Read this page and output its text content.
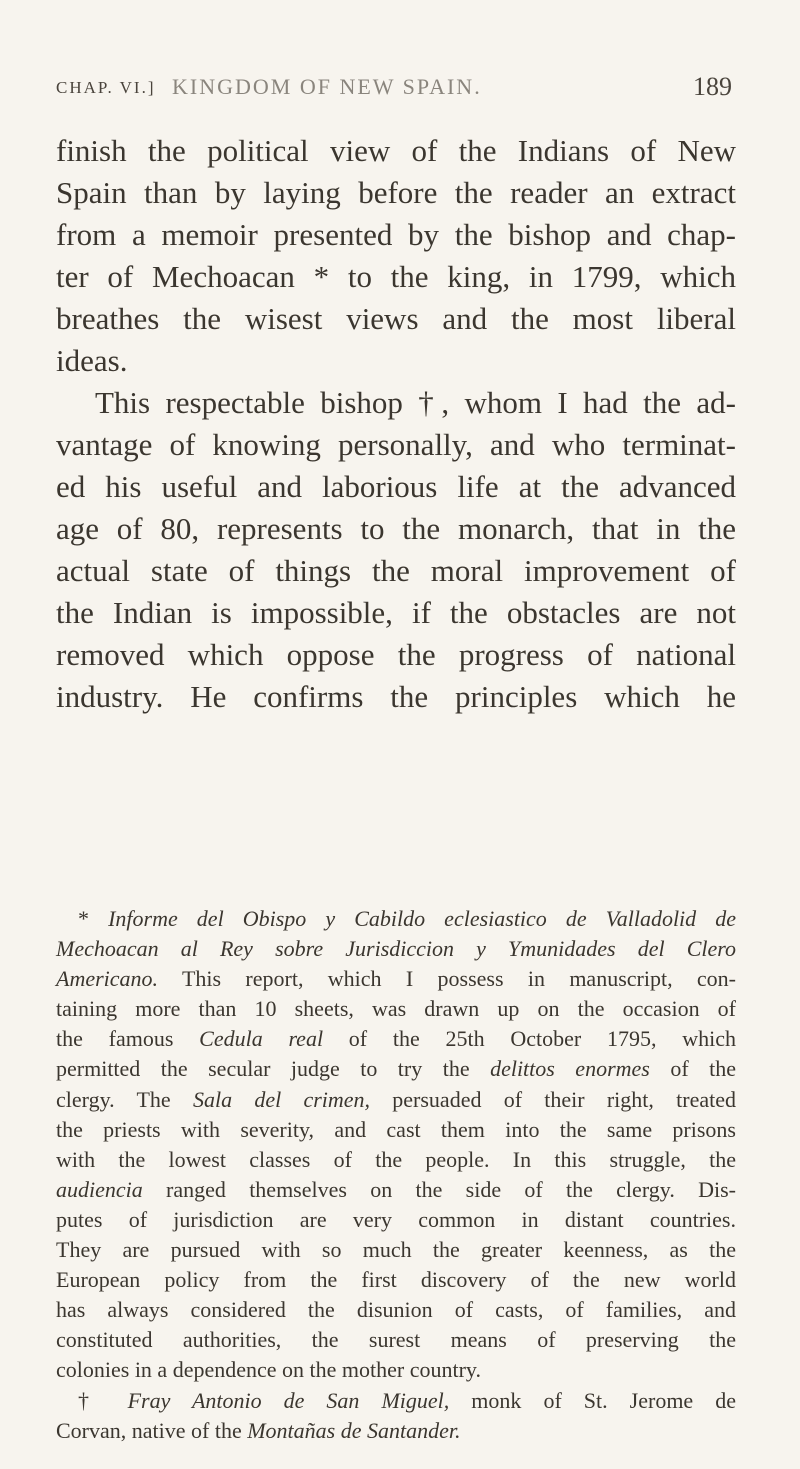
CHAP. VI.] KINGDOM OF NEW SPAIN.	189
finish the political view of the Indians of New
Spain than by laying before the reader an extract
from a memoir presented by the bishop and chap-
ter of Mechoacan * to the king, in 1799, which
breathes the wisest views and the most liberal
ideas.
This respectable bishop †, whom I had the ad-
vantage of knowing personally, and who terminat-
ed his useful and laborious life at the advanced
age of 80, represents to the monarch, that in the
actual state of things the moral improvement of
the Indian is impossible, if the obstacles are not
removed which oppose the progress of national
industry. He confirms the principles which he
* Informe del Obispo y Cabildo eclesiastico de Valladolid de
Mechoacan al Rey sobre Jurisdiccion y Ymunidades del Clero
Americano. This report, which I possess in manuscript, con-
taining more than 10 sheets, was drawn up on the occasion of
the famous Cedula real of the 25th October 1795, which
permitted the secular judge to try the delittos enormes of the
clergy. The Sala del crimen, persuaded of their right, treated
the priests with severity, and cast them into the same prisons
with the lowest classes of the people. In this struggle, the
audiencia ranged themselves on the side of the clergy. Dis-
putes of jurisdiction are very common in distant countries.
They are pursued with so much the greater keenness, as the
European policy from the first discovery of the new world
has always considered the disunion of casts, of families, and
constituted authorities, the surest means of preserving the
colonies in a dependence on the mother country.
† Fray Antonio de San Miguel, monk of St. Jerome de
Corvan, native of the Montañas de Santander.
